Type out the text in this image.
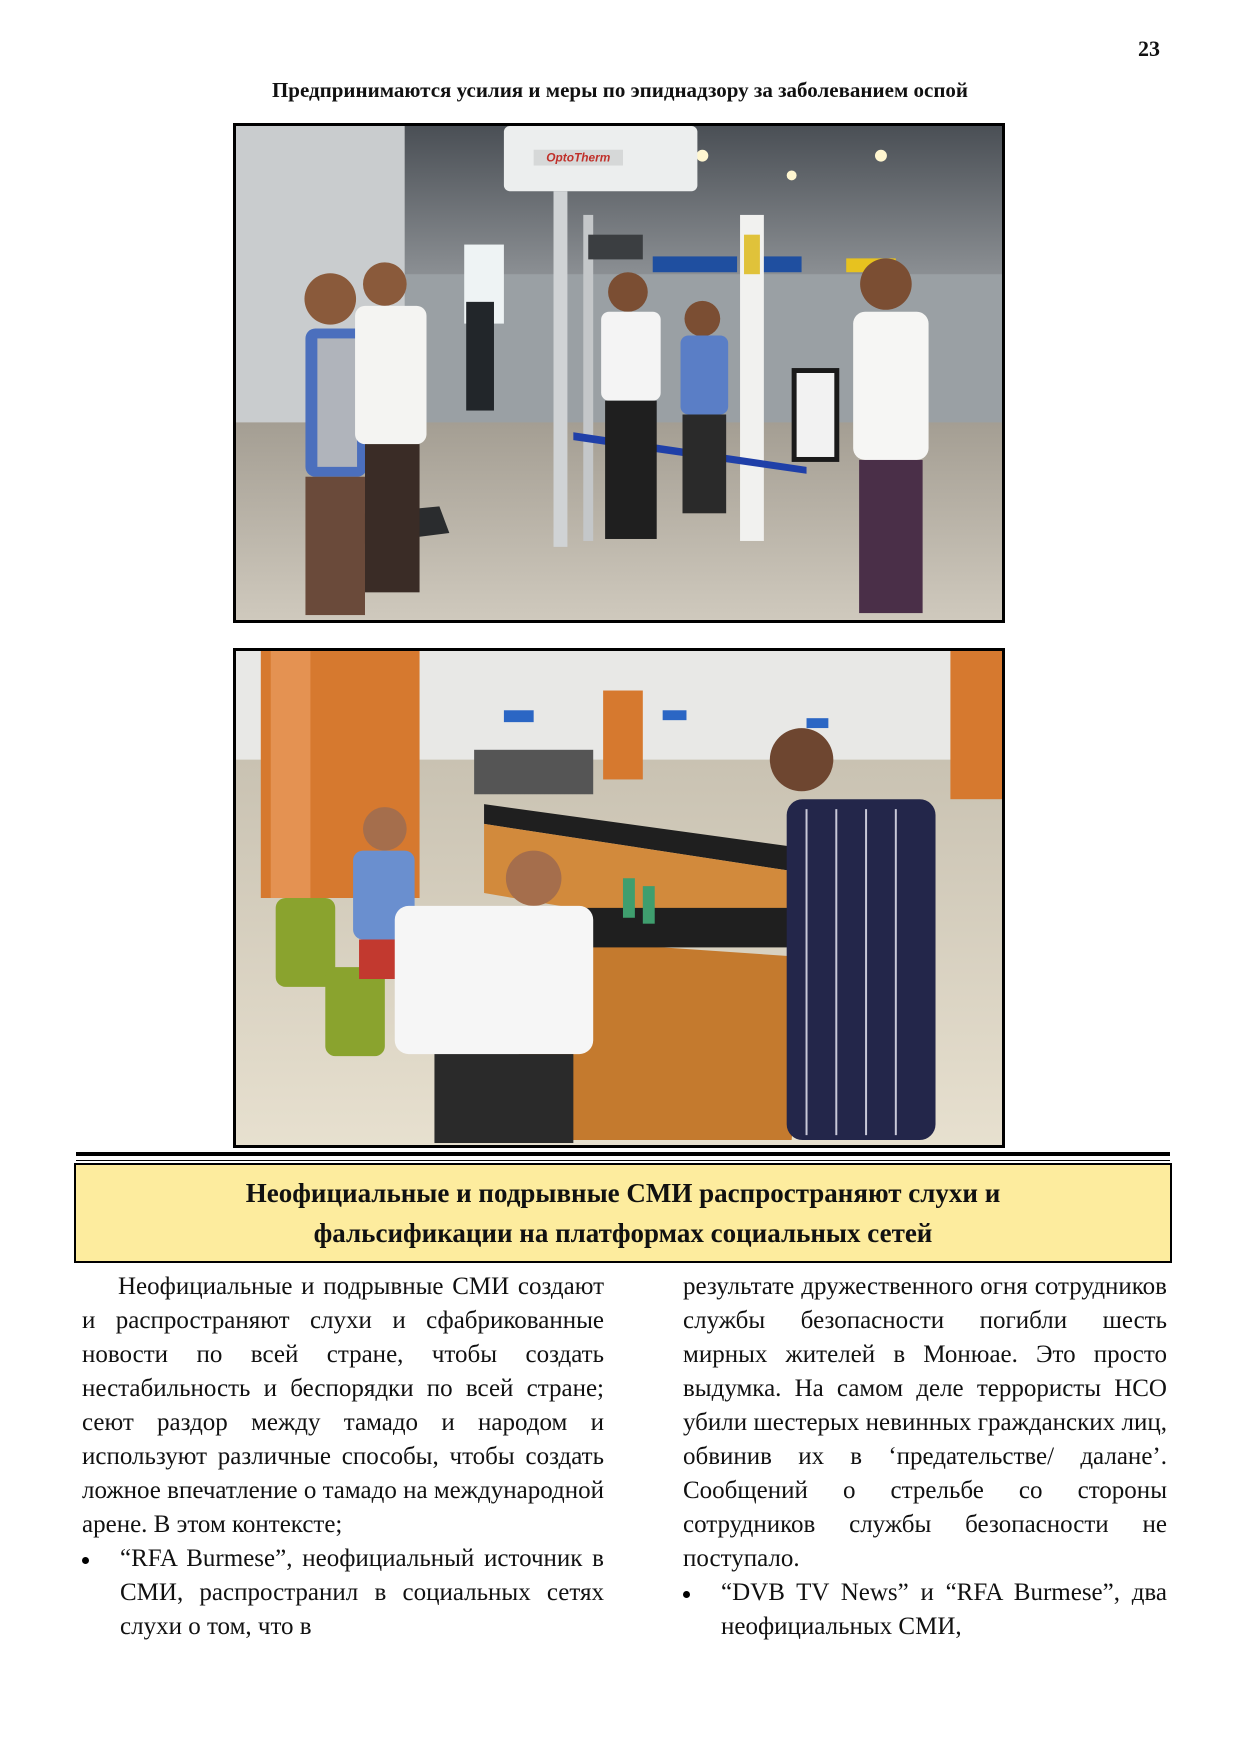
23
Предпринимаются усилия и меры по эпиднадзору за заболеванием оспой
OptoTherm
Неофициальные и подрывные СМИ распространяют слухи и
фальсификации на платформах социальных сетей

Неофициальные и подрывные СМИ создают и распространяют слухи и сфабрикованные новости по всей стране, чтобы создать нестабильность и беспорядки по всей стране; сеют раздор между тамадо и народом и используют различные способы, чтобы создать ложное впечатление о тамадо на международной арене. В этом контексте;

“RFA Burmese”, неофициальный источник в СМИ, распространил в социальных сетях слухи о том, что в

результате дружественного огня сотрудников службы безопасности погибли шесть мирных жителей в Монюае. Это просто выдумка. На самом деле террористы НСО убили шестерых невинных гражданских лиц, обвинив их в ‘предательстве/ далане’. Сообщений о стрельбе со стороны сотрудников службы безопасности не поступало.

“DVB TV News” и “RFA Burmese”, два неофициальных СМИ,
